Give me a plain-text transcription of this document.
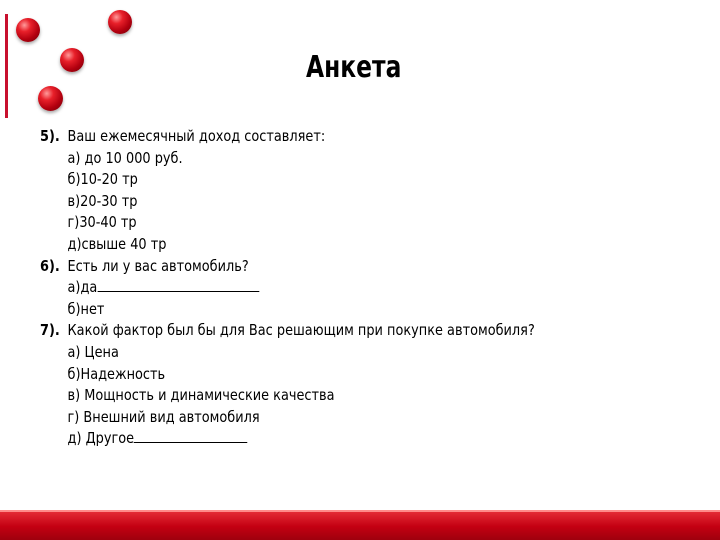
Анкета
5). Ваш ежемесячный доход составляет:
а) до 10 000 руб.
б)10-20 тр
в)20-30 тр
г)30-40 тр
д)свыше 40 тр
6). Есть ли у вас автомобиль?
а)да
б)нет
7). Какой фактор был бы для Вас решающим при покупке автомобиля?
а) Цена
б)Надежность
в) Мощность и динамические качества
г) Внешний вид автомобиля
д) Другое
